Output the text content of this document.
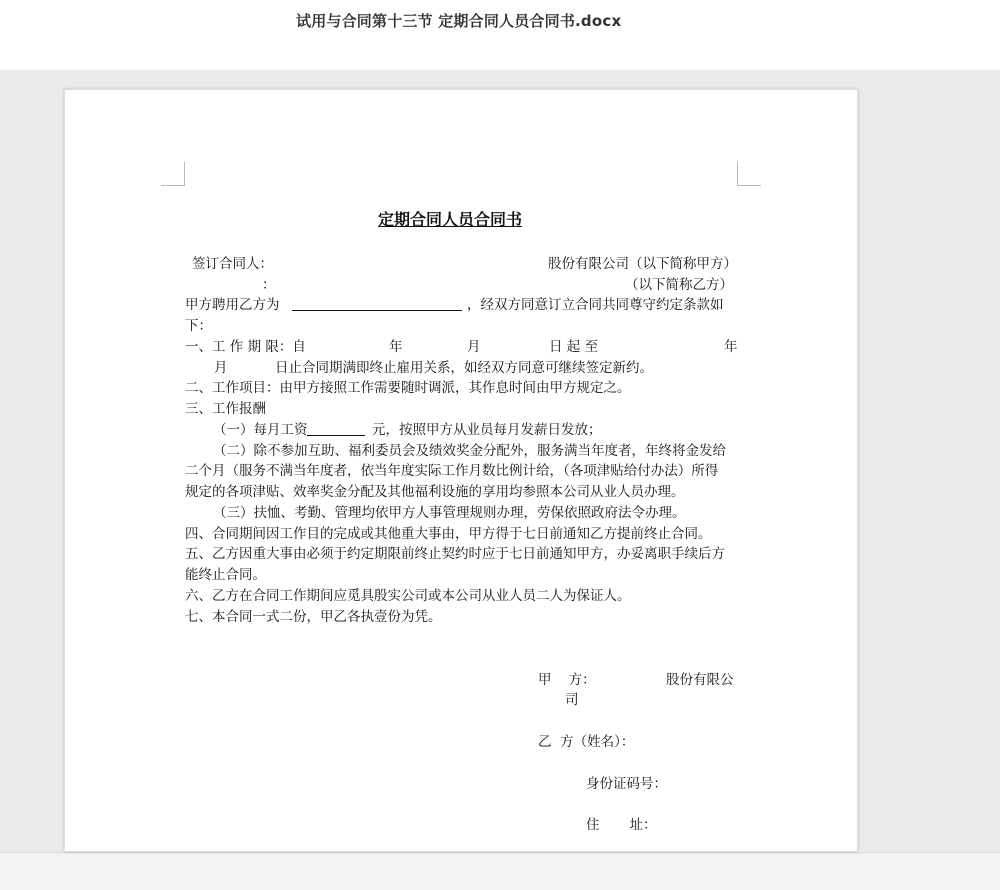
试用与合同第十三节 定期合同人员合同书.docx
定期合同人员合同书
签订合同人：	股份有限公司（以下简称甲方）
：	（以下简称乙方）
甲方聘用乙方为	，经双方同意订立合同共同尊守约定条款如
下：
一、工 作 期 限：自	年	月	日 起 至	年
月	日止合同期满即终止雇用关系，如经双方同意可继续签定新约。
二、工作项目：由甲方接照工作需要随时调派，其作息时间由甲方规定之。
三、工作报酬
（一）每月工资	元，按照甲方从业员每月发薪日发放；
（二）除不参加互助、福利委员会及绩效奖金分配外，服务满当年度者，年终将金发给
二个月（服务不满当年度者，依当年度实际工作月数比例计给，（各项津贴给付办法）所得
规定的各项津贴、效率奖金分配及其他福利设施的享用均参照本公司从业人员办理。
（三）扶恤、考勤、管理均依甲方人事管理规则办理，劳保依照政府法令办理。
四、合同期间因工作目的完成或其他重大事由，甲方得于七日前通知乙方提前终止合同。
五、乙方因重大事由必须于约定期限前终止契约时应于七日前通知甲方，办妥离职手续后方
能终止合同。
六、乙方在合同工作期间应觅具殷实公司或本公司从业人员二人为保证人。
七、本合同一式二份，甲乙各执壹份为凭。
甲    方：	股份有限公
司
乙  方（姓名）：
身份证码号：
住       址：
